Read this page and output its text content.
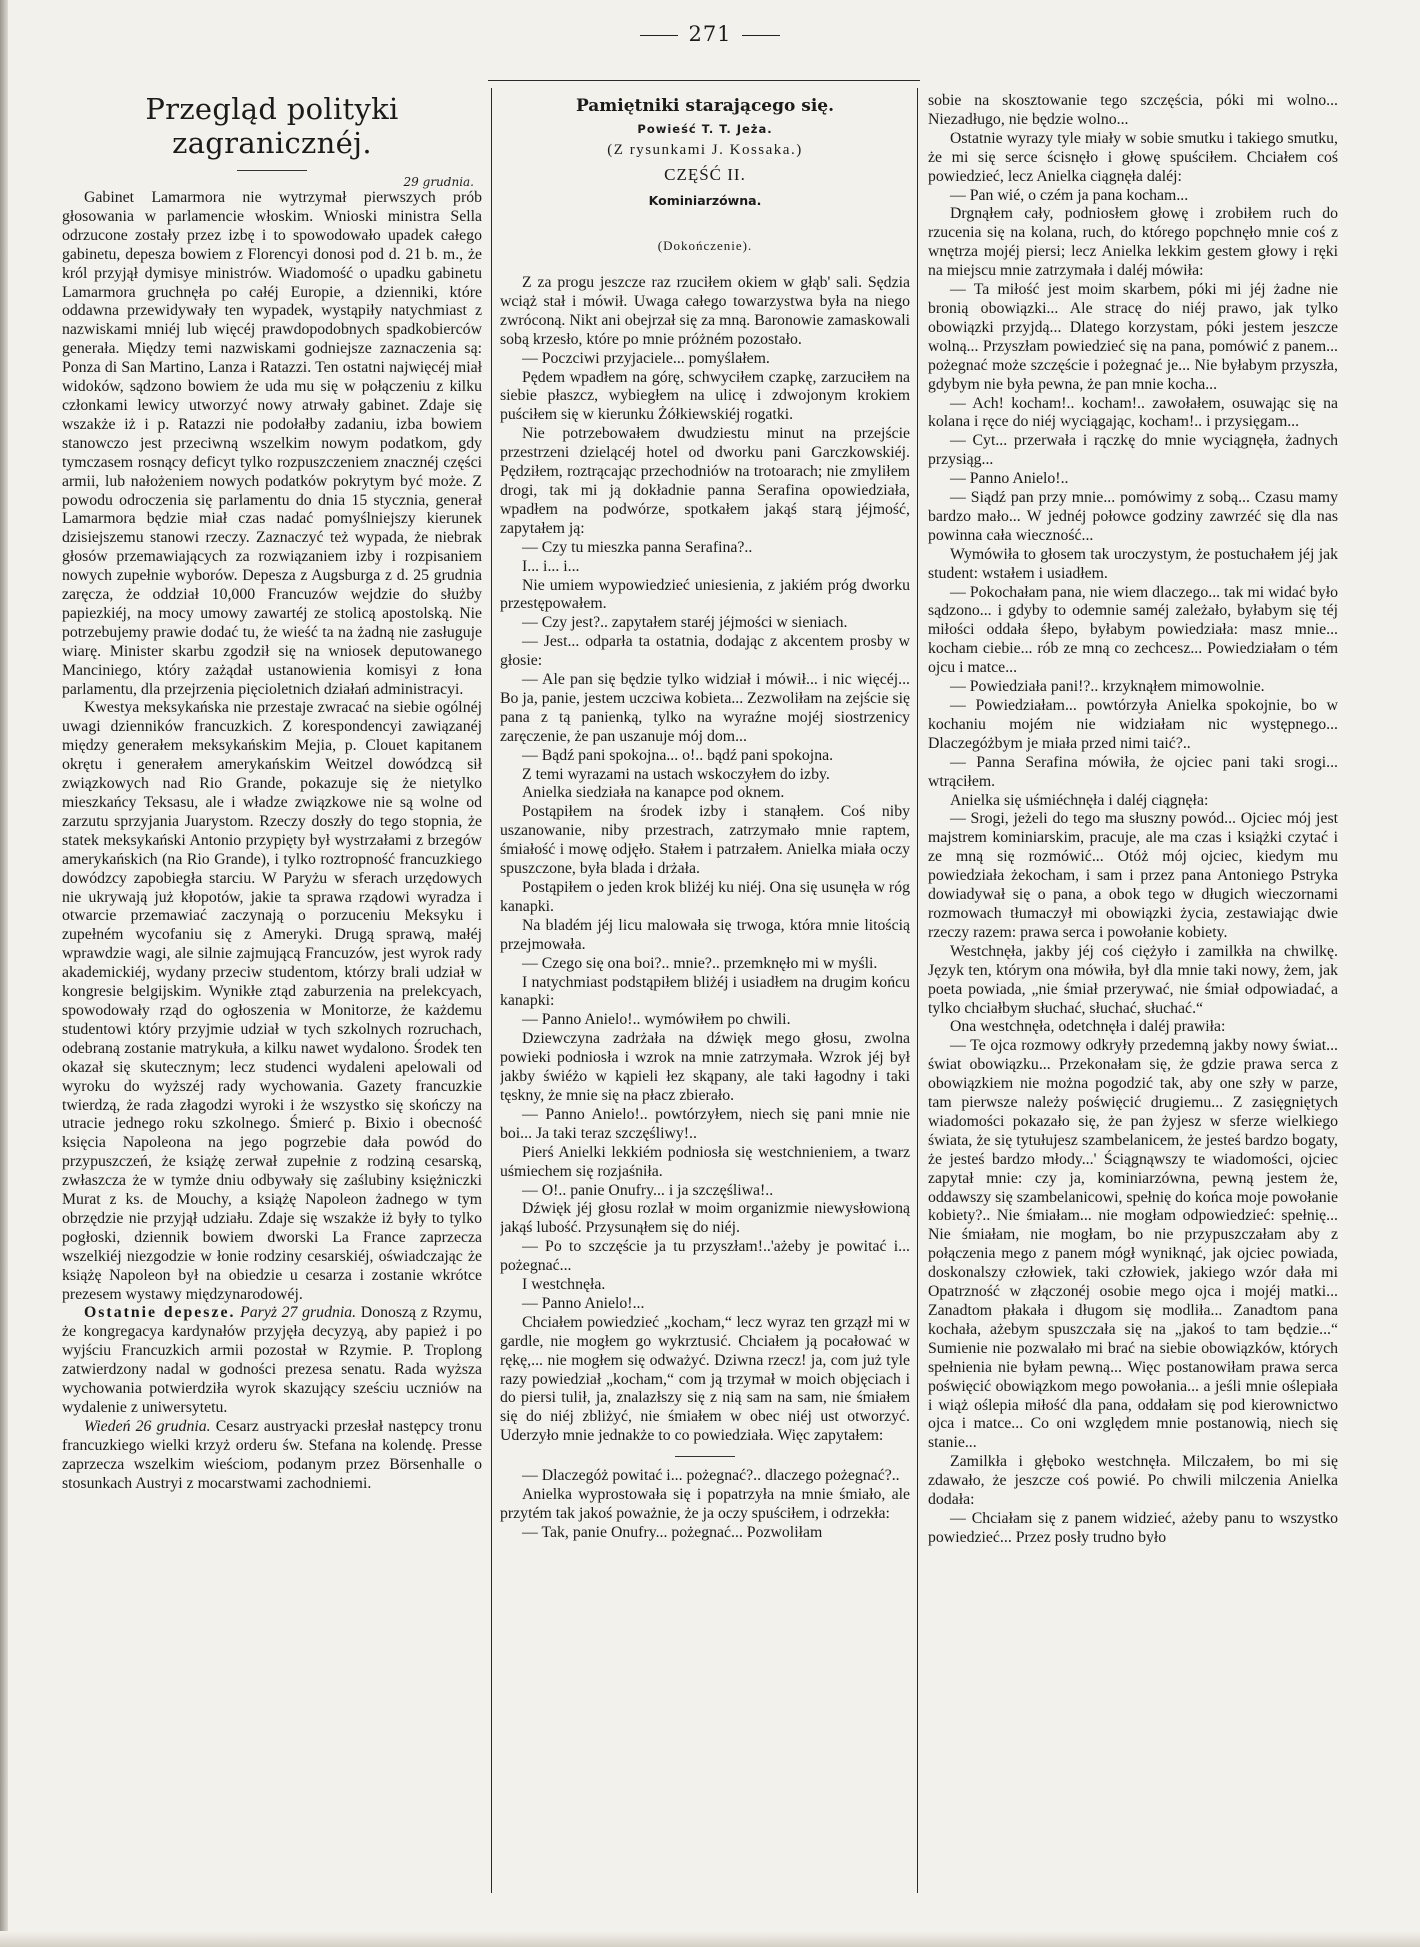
271
Przegląd polityki zagranicznéj.
29 grudnia.

Gabinet Lamarmora nie wytrzymał pierwszych prób głosowania w parlamencie włoskim. Wnioski ministra Sella odrzucone zostały przez izbę i to spowodowało upadek całego gabinetu, depesza bowiem z Florencyi donosi pod d. 21 b. m., że król przyjął dymisye ministrów. Wiadomość o upadku gabinetu Lamarmora gruchnęła po całéj Europie, a dzienniki, które oddawna przewidywały ten wypadek, wystąpiły natychmiast z nazwiskami mniéj lub więcéj prawdopodobnych spadkobierców generała. Między temi nazwiskami godniejsze zaznaczenia są: Ponza di San Martino, Lanza i Ratazzi. Ten ostatni najwięcéj miał widoków, sądzono bowiem że uda mu się w połączeniu z kilku członkami lewicy utworzyć nowy atrwały gabinet. Zdaje się wszakże iż i p. Ratazzi nie podołałby zadaniu, izba bowiem stanowczo jest przeciwną wszelkim nowym podatkom, gdy tymczasem rosnący deficyt tylko rozpuszczeniem znacznéj części armii, lub nałożeniem nowych podatków pokrytym być może. Z powodu odroczenia się parlamentu do dnia 15 stycznia, generał Lamarmora będzie miał czas nadać pomyślniejszy kierunek dzisiejszemu stanowi rzeczy. Zaznaczyć też wypada, że niebrak głosów przemawiających za rozwiązaniem izby i rozpisaniem nowych zupełnie wyborów. Depesza z Augsburga z d. 25 grudnia zaręcza, że oddział 10,000 Francuzów wejdzie do służby papiezkiéj, na mocy umowy zawartéj ze stolicą apostolską. Nie potrzebujemy prawie dodać tu, że wieść ta na żadną nie zasługuje wiarę. Minister skarbu zgodził się na wniosek deputowanego Manciniego, który zażądał ustanowienia komisyi z łona parlamentu, dla przejrzenia pięcioletnich działań administracyi.

Kwestya meksykańska nie przestaje zwracać na siebie ogólnéj uwagi dzienników francuzkich. Z korespondencyi zawiązanéj między generałem meksykańskim Mejia, p. Clouet kapitanem okrętu i generałem amerykańskim Weitzel dowódzcą sił związkowych nad Rio Grande, pokazuje się że nietylko mieszkańcy Teksasu, ale i władze związkowe nie są wolne od zarzutu sprzyjania Juarystom. Rzeczy doszły do tego stopnia, że statek meksykański Antonio przypięty był wystrzałami z brzegów amerykańskich (na Rio Grande), i tylko roztropność francuzkiego dowódzcy zapobiegła starciu. W Paryżu w sferach urzędowych nie ukrywają już kłopotów, jakie ta sprawa rządowi wyradza i otwarcie przemawiać zaczynają o porzuceniu Meksyku i zupełném wycofaniu się z Ameryki. Drugą sprawą, małéj wprawdzie wagi, ale silnie zajmującą Francuzów, jest wyrok rady akademickiéj, wydany przeciw studentom, którzy brali udział w kongresie belgijskim. Wynikłe ztąd zaburzenia na prelekcyach, spowodowały rząd do ogłoszenia w Monitorze, że każdemu studentowi który przyjmie udział w tych szkolnych rozruchach, odebraną zostanie matrykuła, a kilku nawet wydalono. Środek ten okazał się skutecznym; lecz studenci wydaleni apelowali od wyroku do wyższéj rady wychowania. Gazety francuzkie twierdzą, że rada złagodzi wyroki i że wszystko się skończy na utracie jednego roku szkolnego. Śmierć p. Bixio i obecność księcia Napoleona na jego pogrzebie dała powód do przypuszczeń, że książę zerwał zupełnie z rodziną cesarską, zwłaszcza że w tymże dniu odbywały się zaślubiny księżniczki Murat z ks. de Mouchy, a książę Napoleon żadnego w tym obrzędzie nie przyjął udziału. Zdaje się wszakże iż były to tylko pogłoski, dziennik bowiem dworski La France zaprzecza wszelkiéj niezgodzie w łonie rodziny cesarskiéj, oświadczając że książę Napoleon był na obiedzie u cesarza i zostanie wkrótce prezesem wystawy międzynarodowéj.

Ostatnie depesze. Paryż 27 grudnia. Donoszą z Rzymu, że kongregacya kardynałów przyjęła decyzyą, aby papież i po wyjściu Francuzkich armii pozostał w Rzymie. P. Troplong zatwierdzony nadal w godności prezesa senatu. Rada wyższa wychowania potwierdziła wyrok skazujący sześciu uczniów na wydalenie z uniwersytetu.

Wiedeń 26 grudnia. Cesarz austryacki przesłał następcy tronu francuzkiego wielki krzyż orderu św. Stefana na kolendę. Presse zaprzecza wszelkim wieściom, podanym przez Börsenhalle o stosunkach Austryi z mocarstwami zachodniemi.

Pamiętniki starającego się.
Powieść T. T. Jeża.
(Z rysunkami J. Kossaka.)
CZĘŚĆ II.
Kominiarzówna.
(Dokończenie).

Z za progu jeszcze raz rzuciłem okiem w głąb' sali. Sędzia wciąż stał i mówił. Uwaga całego towarzystwa była na niego zwróconą. Nikt ani obejrzał się za mną. Baronowie zamaskowali sobą krzesło, które po mnie próżném pozostało.

— Poczciwi przyjaciele... pomyślałem.

Pędem wpadłem na górę, schwyciłem czapkę, zarzuciłem na siebie płaszcz, wybiegłem na ulicę i zdwojonym krokiem puściłem się w kierunku Żółkiewskiéj rogatki.

Nie potrzebowałem dwudziestu minut na przejście przestrzeni dzielącéj hotel od dworku pani Garczkowskiéj. Pędziłem, roztrącając przechodniów na trotoarach; nie zmyliłem drogi, tak mi ją dokładnie panna Serafina opowiedziała, wpadłem na podwórze, spotkałem jakąś starą jéjmość, zapytałem ją:

— Czy tu mieszka panna Serafina?..

I... i... i...

Nie umiem wypowiedzieć uniesienia, z jakiém próg dworku przestępowałem.

— Czy jest?.. zapytałem staréj jéjmości w sieniach.

— Jest... odparła ta ostatnia, dodając z akcentem prosby w głosie:

— Ale pan się będzie tylko widział i mówił... i nic więcéj... Bo ja, panie, jestem uczciwa kobieta... Zezwoliłam na zejście się pana z tą panienką, tylko na wyraźne mojéj siostrzenicy zaręczenie, że pan uszanuje mój dom...

— Bądź pani spokojna... o!.. bądź pani spokojna.

Z temi wyrazami na ustach wskoczyłem do izby.

Anielka siedziała na kanapce pod oknem.

Postąpiłem na środek izby i stanąłem. Coś niby uszanowanie, niby przestrach, zatrzymało mnie raptem, śmiałość i mowę odjęło. Stałem i patrzałem. Anielka miała oczy spuszczone, była blada i drżała.

Postąpiłem o jeden krok bliżéj ku niéj. Ona się usunęła w róg kanapki.

Na bladém jéj licu malowała się trwoga, która mnie litością przejmowała.

— Czego się ona boi?.. mnie?.. przemknęło mi w myśli.

I natychmiast podstąpiłem bliżéj i usiadłem na drugim końcu kanapki:

— Panno Anielo!.. wymówiłem po chwili.

Dziewczyna zadrżała na dźwięk mego głosu, zwolna powieki podniosła i wzrok na mnie zatrzymała. Wzrok jéj był jakby świéżo w kąpieli łez skąpany, ale taki łagodny i taki tęskny, że mnie się na płacz zbierało.

— Panno Anielo!.. powtórzyłem, niech się pani mnie nie boi... Ja taki teraz szczęśliwy!..

Pierś Anielki lekkiém podniosła się westchnieniem, a twarz uśmiechem się rozjaśniła.

— O!.. panie Onufry... i ja szczęśliwa!..

Dźwięk jéj głosu rozlał w moim organizmie niewysłowioną jakąś lubość. Przysunąłem się do niéj.

— Po to szczęście ja tu przyszłam!..'ażeby je powitać i... pożegnać...

I westchnęła.

— Panno Anielo!...

Chciałem powiedzieć „kocham,“ lecz wyraz ten grzązł mi w gardle, nie mogłem go wykrztusić. Chciałem ją pocałować w rękę,... nie mogłem się odważyć. Dziwna rzecz! ja, com już tyle razy powiedział „kocham,“ com ją trzymał w moich objęciach i do piersi tulił, ja, znalazłszy się z nią sam na sam, nie śmiałem się do niéj zbliżyć, nie śmiałem w obec niéj ust otworzyć. Uderzyło mnie jednakże to co powiedziała. Więc zapytałem:

— Dlaczegóż powitać i... pożegnać?.. dlaczego pożegnać?..

Anielka wyprostowała się i popatrzyła na mnie śmiało, ale przytém tak jakoś poważnie, że ja oczy spuściłem, i odrzekła:

— Tak, panie Onufry... pożegnać... Pozwoliłam

sobie na skosztowanie tego szczęścia, póki mi wolno... Niezadługo, nie będzie wolno...

Ostatnie wyrazy tyle miały w sobie smutku i takiego smutku, że mi się serce ścisnęło i głowę spuściłem. Chciałem coś powiedzieć, lecz Anielka ciągnęła daléj:

— Pan wié, o czém ja pana kocham...

Drgnąłem cały, podniosłem głowę i zrobiłem ruch do rzucenia się na kolana, ruch, do którego popchnęło mnie coś z wnętrza mojéj piersi; lecz Anielka lekkim gestem głowy i ręki na miejscu mnie zatrzymała i daléj mówiła:

— Ta miłość jest moim skarbem, póki mi jéj żadne nie bronią obowiązki... Ale stracę do niéj prawo, jak tylko obowiązki przyjdą... Dlatego korzystam, póki jestem jeszcze wolną... Przyszłam powiedzieć się na pana, pomówić z panem... pożegnać może szczęście i pożegnać je... Nie byłabym przyszła, gdybym nie była pewna, że pan mnie kocha...

— Ach! kocham!.. kocham!.. zawołałem, osuwając się na kolana i ręce do niéj wyciągając, kocham!.. i przysięgam...

— Cyt... przerwała i rączkę do mnie wyciągnęła, żadnych przysiąg...

— Panno Anielo!..

— Siądź pan przy mnie... pomówimy z sobą... Czasu mamy bardzo mało... W jednéj połowce godziny zawrzéć się dla nas powinna cała wieczność...

Wymówiła to głosem tak uroczystym, że postuchałem jéj jak student: wstałem i usiadłem.

— Pokochałam pana, nie wiem dlaczego... tak mi widać było sądzono... i gdyby to odemnie saméj zależało, byłabym się téj miłości oddała śłepo, byłabym powiedziała: masz mnie... kocham ciebie... rób ze mną co zechcesz... Powiedziałam o tém ojcu i matce...

— Powiedziała pani!?.. krzyknąłem mimowolnie.

— Powiedziałam... powtórzyła Anielka spokojnie, bo w kochaniu mojém nie widziałam nic występnego... Dlaczegóżbym je miała przed nimi taić?..

— Panna Serafina mówiła, że ojciec pani taki srogi... wtrąciłem.

Anielka się uśmiéchnęła i daléj ciągnęła:

— Srogi, jeżeli do tego ma słuszny powód... Ojciec mój jest majstrem kominiarskim, pracuje, ale ma czas i książki czytać i ze mną się rozmówić... Otóż mój ojciec, kiedym mu powiedziała żekocham, i sam i przez pana Antoniego Pstryka dowiadywał się o pana, a obok tego w długich wieczornami rozmowach tłumaczył mi obowiązki życia, zestawiając dwie rzeczy razem: prawa serca i powołanie kobiety.

Westchnęła, jakby jéj coś ciężyło i zamilkła na chwilkę. Język ten, którym ona mówiła, był dla mnie taki nowy, żem, jak poeta powiada, „nie śmiał przerywać, nie śmiał odpowiadać, a tylko chciałbym słuchać, słuchać, słuchać.“

Ona westchnęła, odetchnęła i daléj prawiła:

— Te ojca rozmowy odkryły przedemną jakby nowy świat... świat obowiązku... Przekonałam się, że gdzie prawa serca z obowiązkiem nie można pogodzić tak, aby one szły w parze, tam pierwsze należy poświęcić drugiemu... Z zasięgniętych wiadomości pokazało się, że pan żyjesz w sferze wielkiego świata, że się tytułujesz szambelanicem, że jesteś bardzo bogaty, że jesteś bardzo młody...' Ściągnąwszy te wiadomości, ojciec zapytał mnie: czy ja, kominiarzówna, pewną jestem że, oddawszy się szambelanicowi, spełnię do końca moje powołanie kobiety?.. Nie śmiałam... nie mogłam odpowiedzieć: spełnię... Nie śmiałam, nie mogłam, bo nie przypuszczałam aby z połączenia mego z panem mógł wyniknąć, jak ojciec powiada, doskonalszy człowiek, taki człowiek, jakiego wzór dała mi Opatrzność w złączonéj osobie mego ojca i mojéj matki... Zanadtom płakała i długom się modliła... Zanadtom pana kochała, ażebym spuszczała się na „jakoś to tam będzie...“ Sumienie nie pozwalało mi brać na siebie obowiązków, których spełnienia nie byłam pewną... Więc postanowiłam prawa serca poświęcić obowiązkom mego powołania... a jeśli mnie oślepiała i wiąż oślepia miłość dla pana, oddałam się pod kierownictwo ojca i matce... Co oni względem mnie postanowią, niech się stanie...

Zamilkła i głęboko westchnęła. Milczałem, bo mi się zdawało, że jeszcze coś powié. Po chwili milczenia Anielka dodała:

— Chciałam się z panem widzieć, ażeby panu to wszystko powiedzieć... Przez posły trudno było
